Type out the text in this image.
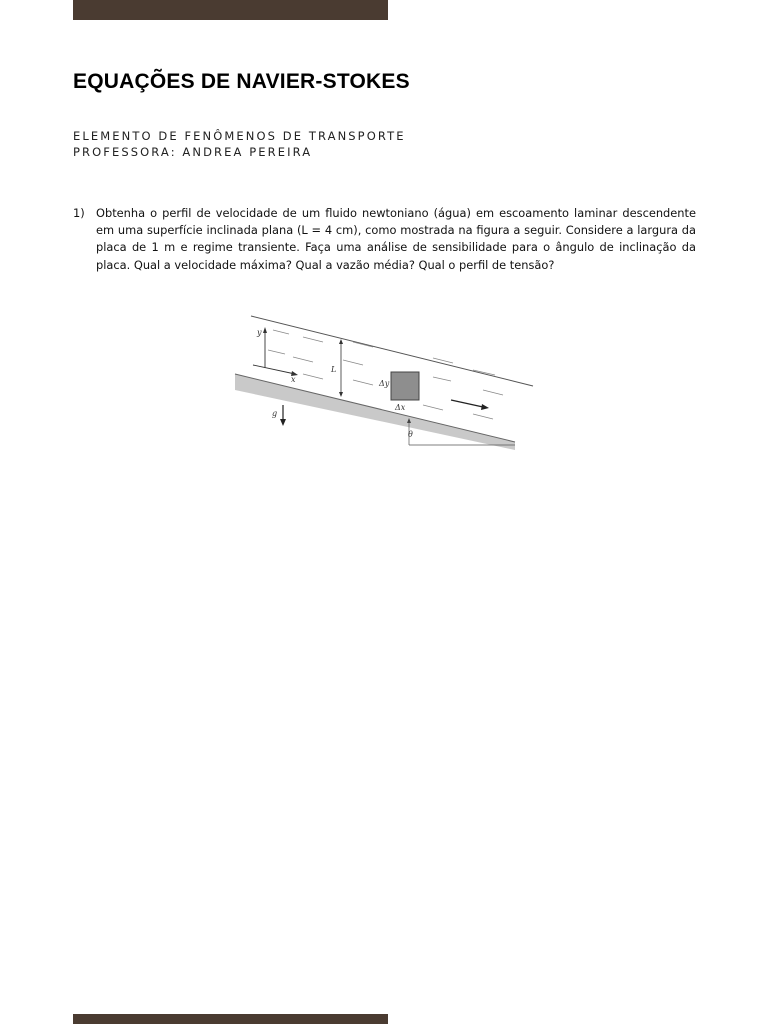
EQUAÇÕES DE NAVIER-STOKES
ELEMENTO DE FENÔMENOS DE TRANSPORTE
PROFESSORA: ANDREA PEREIRA
1) Obtenha o perfil de velocidade de um fluido newtoniano (água) em escoamento laminar descendente em uma superfície inclinada plana (L = 4 cm), como mostrada na figura a seguir. Considere a largura da placa de 1 m e regime transiente. Faça uma análise de sensibilidade para o ângulo de inclinação da placa. Qual a velocidade máxima? Qual a vazão média? Qual o perfil de tensão?
y
x
L
Δy
Δx
g
θ
